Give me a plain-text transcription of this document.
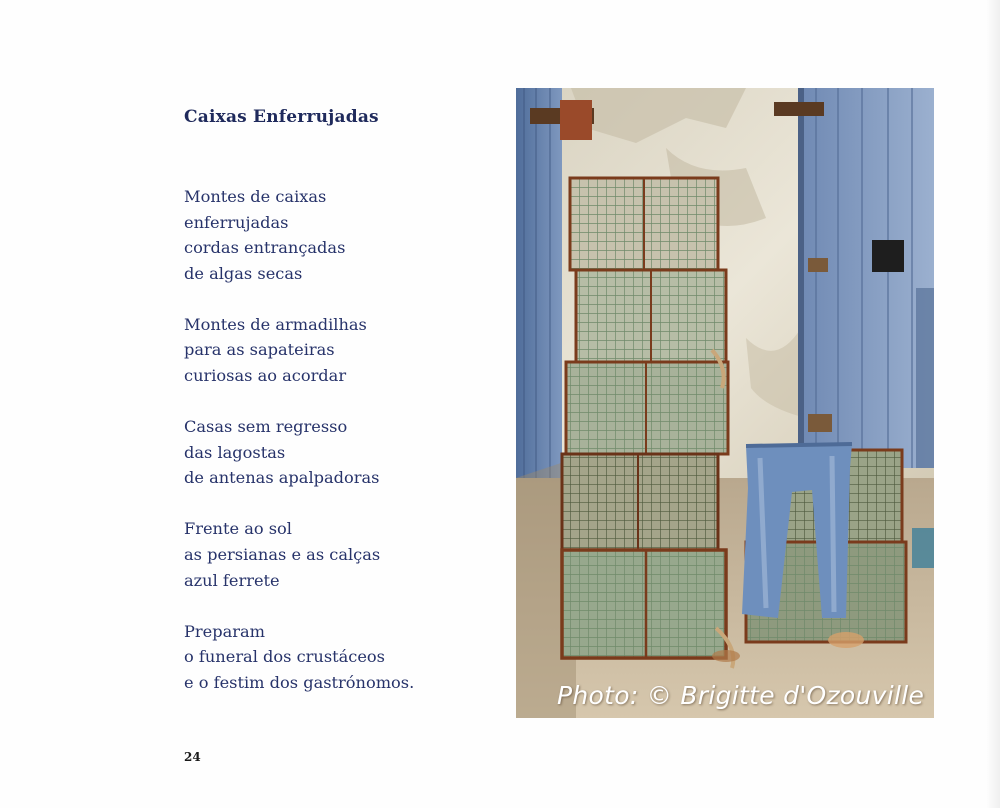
Caixas Enferrujadas
Montes de caixas
enferrujadas
cordas entrançadas
de algas secas
Montes de armadilhas
para as sapateiras
curiosas ao acordar
Casas sem regresso
das lagostas
de antenas apalpadoras
Frente ao sol
as persianas e as calças
azul ferrete
Preparam
o funeral dos crustáceos
e o festim dos gastrónomos.
24
Photo: © Brigitte d'Ozouville
